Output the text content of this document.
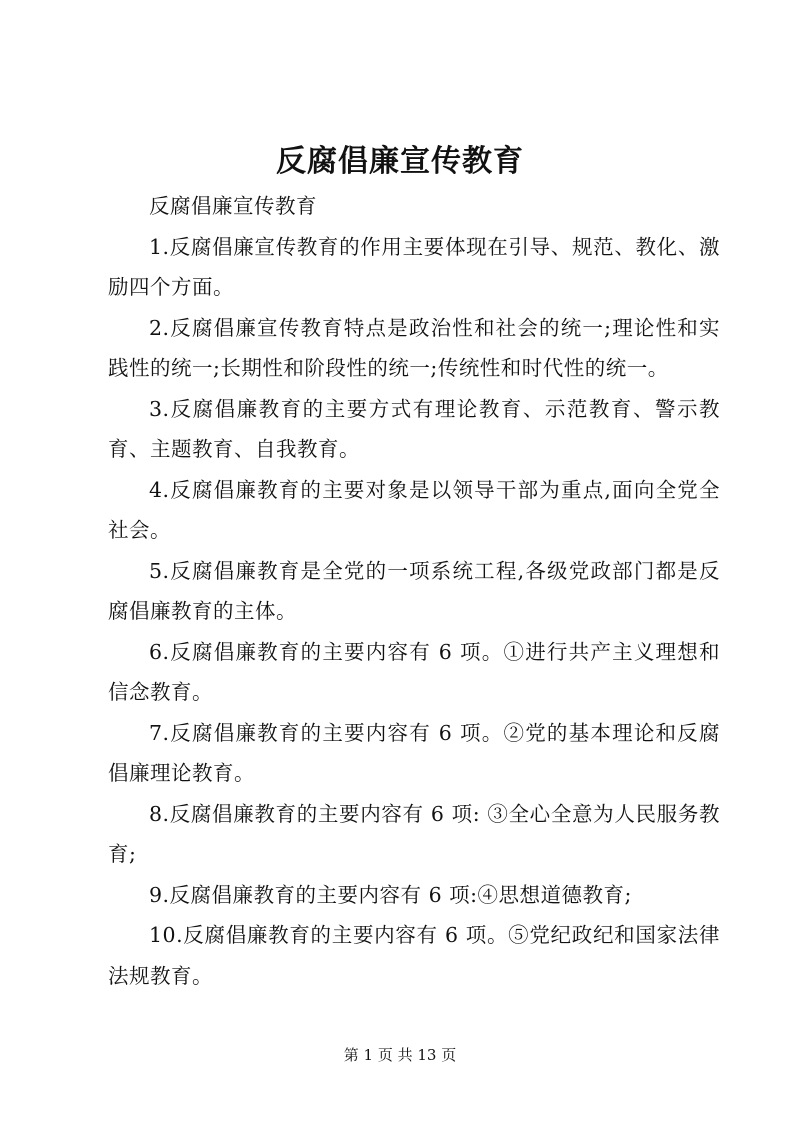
反腐倡廉宣传教育

反腐倡廉宣传教育

1.反腐倡廉宣传教育的作用主要体现在引导、规范、教化、激励四个方面。

2.反腐倡廉宣传教育特点是政治性和社会的统一;理论性和实践性的统一;长期性和阶段性的统一;传统性和时代性的统一。

3.反腐倡廉教育的主要方式有理论教育、示范教育、警示教育、主题教育、自我教育。

4.反腐倡廉教育的主要对象是以领导干部为重点,面向全党全社会。

5.反腐倡廉教育是全党的一项系统工程,各级党政部门都是反腐倡廉教育的主体。

6.反腐倡廉教育的主要内容有 6 项。①进行共产主义理想和信念教育。

7.反腐倡廉教育的主要内容有 6 项。②党的基本理论和反腐倡廉理论教育。

8.反腐倡廉教育的主要内容有 6 项: ③全心全意为人民服务教育;

9.反腐倡廉教育的主要内容有 6 项:④思想道德教育;

10.反腐倡廉教育的主要内容有 6 项。⑤党纪政纪和国家法律法规教育。

第 1 页 共 13 页
